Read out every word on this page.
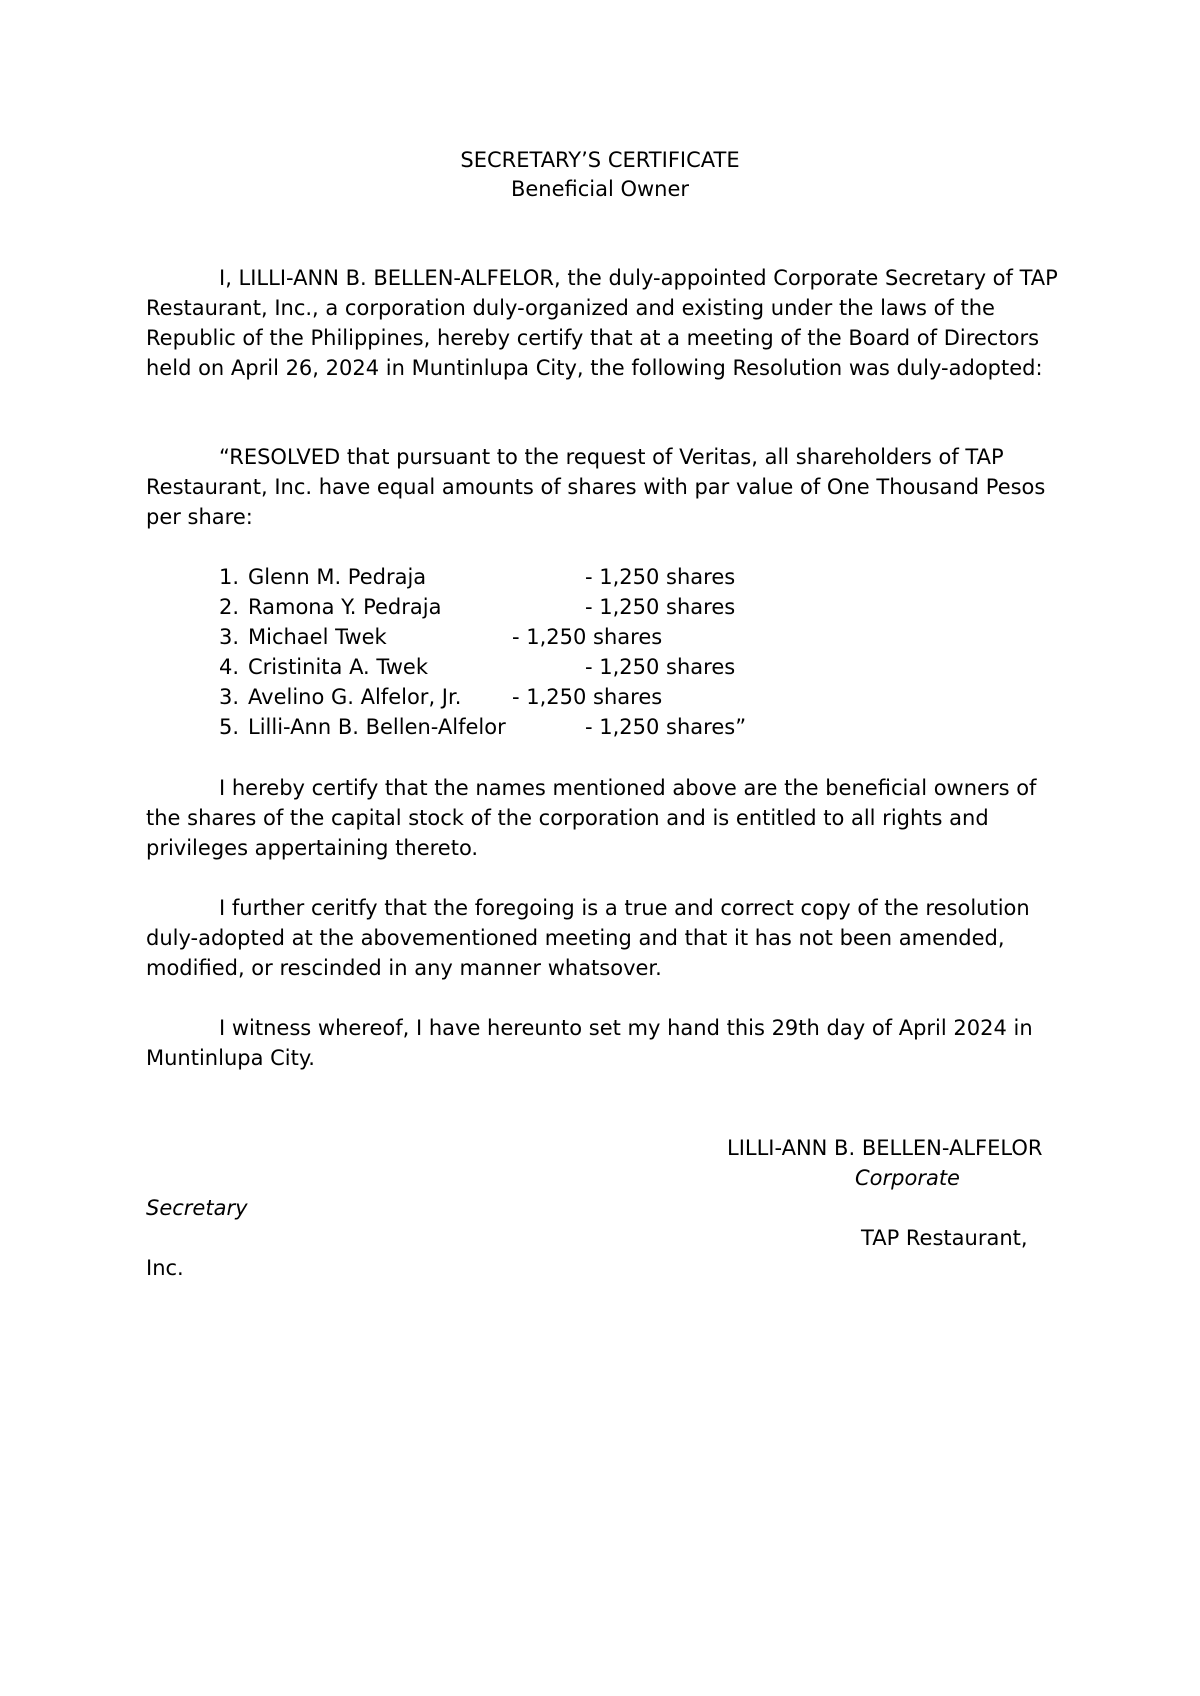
SECRETARY’S CERTIFICATE
Beneficial Owner

I, LILLI-ANN B. BELLEN-ALFELOR, the duly-appointed Corporate Secretary of TAP Restaurant, Inc., a corporation duly-organized and existing under the laws of the Republic of the Philippines, hereby certify that at a meeting of the Board of Directors held on April 26, 2024 in Muntinlupa City, the following Resolution was duly-adopted:

“RESOLVED that pursuant to the request of Veritas, all shareholders of TAP Restaurant, Inc. have equal amounts of shares with par value of One Thousand Pesos per share:

1. Glenn M. Pedraja	- 1,250 shares
2. Ramona Y. Pedraja	- 1,250 shares
3. Michael Twek	- 1,250 shares
4. Cristinita A. Twek	- 1,250 shares
3. Avelino G. Alfelor, Jr. - 1,250 shares
5. Lilli-Ann B. Bellen-Alfelor	- 1,250 shares”

I hereby certify that the names mentioned above are the beneficial owners of the shares of the capital stock of the corporation and is entitled to all rights and privileges appertaining thereto.

I further ceritfy that the foregoing is a true and correct copy of the resolution duly-adopted at the abovementioned meeting and that it has not been amended, modified, or rescinded in any manner whatsover.

I witness whereof, I have hereunto set my hand this 29th day of April 2024 in Muntinlupa City.

LILLI-ANN B. BELLEN-ALFELOR
Corporate
Secretary
TAP Restaurant,
Inc.
